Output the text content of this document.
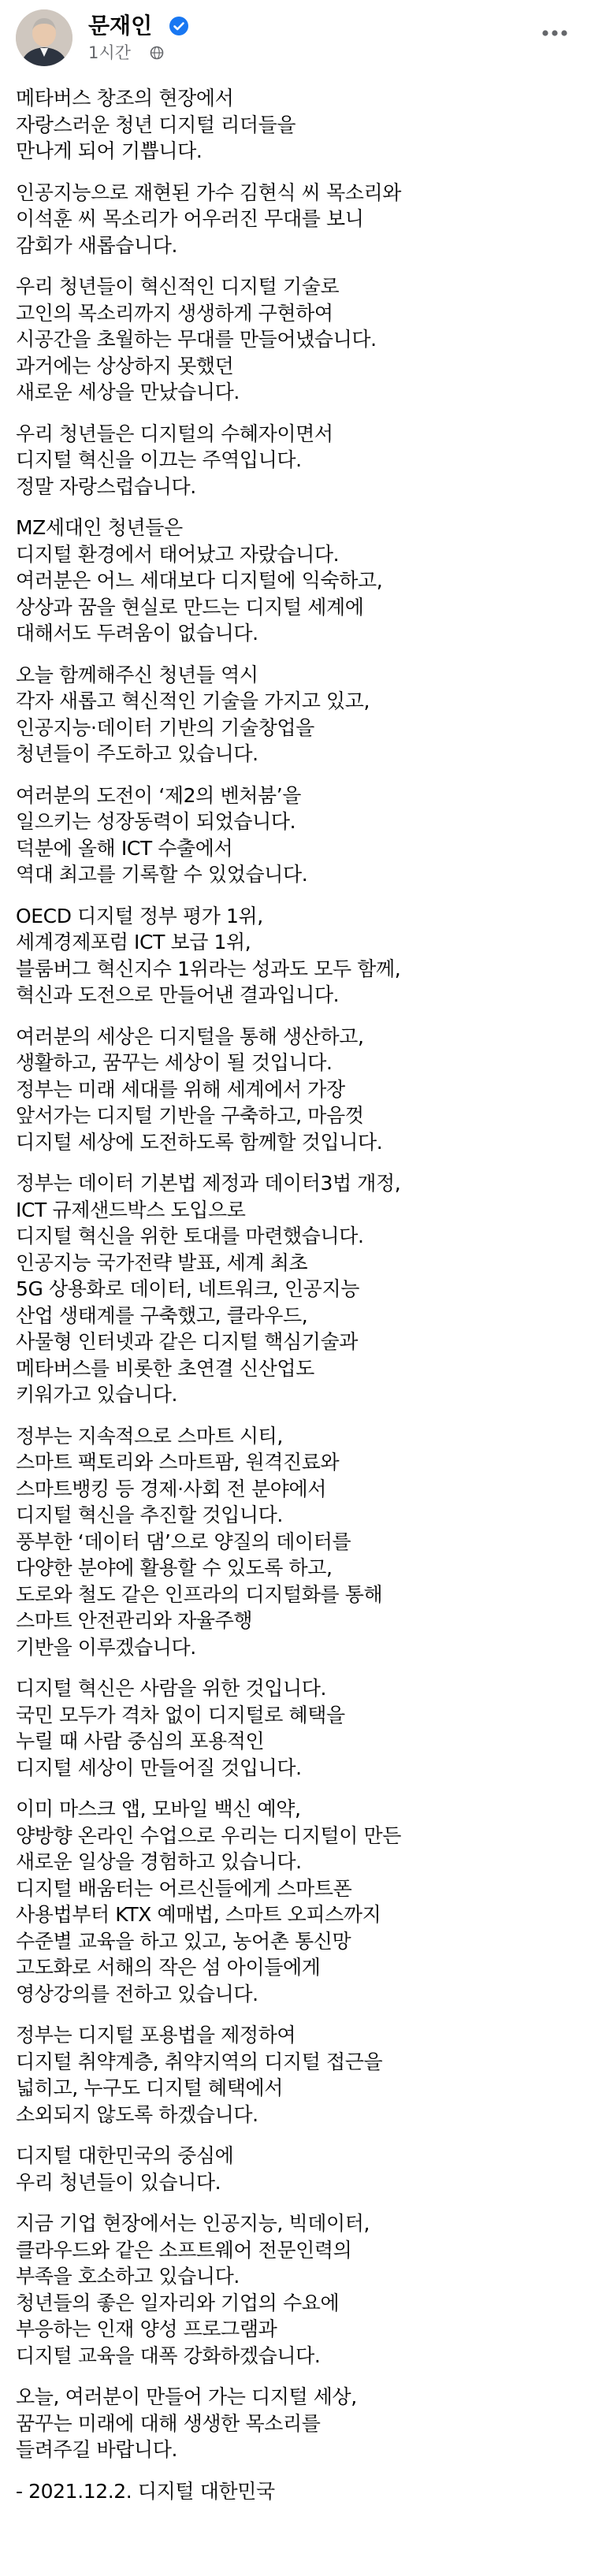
문재인
1시간
메타버스 창조의 현장에서
자랑스러운 청년 디지털 리더들을
만나게 되어 기쁩니다.
인공지능으로 재현된 가수 김현식 씨 목소리와
이석훈 씨 목소리가 어우러진 무대를 보니
감회가 새롭습니다.
우리 청년들이 혁신적인 디지털 기술로
고인의 목소리까지 생생하게 구현하여
시공간을 초월하는 무대를 만들어냈습니다.
과거에는 상상하지 못했던
새로운 세상을 만났습니다.
우리 청년들은 디지털의 수혜자이면서
디지털 혁신을 이끄는 주역입니다.
정말 자랑스럽습니다.
MZ세대인 청년들은
디지털 환경에서 태어났고 자랐습니다.
여러분은 어느 세대보다 디지털에 익숙하고,
상상과 꿈을 현실로 만드는 디지털 세계에
대해서도 두려움이 없습니다.
오늘 함께해주신 청년들 역시
각자 새롭고 혁신적인 기술을 가지고 있고,
인공지능·데이터 기반의 기술창업을
청년들이 주도하고 있습니다.
여러분의 도전이 ‘제2의 벤처붐’을
일으키는 성장동력이 되었습니다.
덕분에 올해 ICT 수출에서
역대 최고를 기록할 수 있었습니다.
OECD 디지털 정부 평가 1위,
세계경제포럼 ICT 보급 1위,
블룸버그 혁신지수 1위라는 성과도 모두 함께,
혁신과 도전으로 만들어낸 결과입니다.
여러분의 세상은 디지털을 통해 생산하고,
생활하고, 꿈꾸는 세상이 될 것입니다.
정부는 미래 세대를 위해 세계에서 가장
앞서가는 디지털 기반을 구축하고, 마음껏
디지털 세상에 도전하도록 함께할 것입니다.
정부는 데이터 기본법 제정과 데이터3법 개정,
ICT 규제샌드박스 도입으로
디지털 혁신을 위한 토대를 마련했습니다.
인공지능 국가전략 발표, 세계 최초
5G 상용화로 데이터, 네트워크, 인공지능
산업 생태계를 구축했고, 클라우드,
사물형 인터넷과 같은 디지털 핵심기술과
메타버스를 비롯한 초연결 신산업도
키워가고 있습니다.
정부는 지속적으로 스마트 시티,
스마트 팩토리와 스마트팜, 원격진료와
스마트뱅킹 등 경제·사회 전 분야에서
디지털 혁신을 추진할 것입니다.
풍부한 ‘데이터 댐’으로 양질의 데이터를
다양한 분야에 활용할 수 있도록 하고,
도로와 철도 같은 인프라의 디지털화를 통해
스마트 안전관리와 자율주행
기반을 이루겠습니다.
디지털 혁신은 사람을 위한 것입니다.
국민 모두가 격차 없이 디지털로 혜택을
누릴 때 사람 중심의 포용적인
디지털 세상이 만들어질 것입니다.
이미 마스크 앱, 모바일 백신 예약,
양방향 온라인 수업으로 우리는 디지털이 만든
새로운 일상을 경험하고 있습니다.
디지털 배움터는 어르신들에게 스마트폰
사용법부터 KTX 예매법, 스마트 오피스까지
수준별 교육을 하고 있고, 농어촌 통신망
고도화로 서해의 작은 섬 아이들에게
영상강의를 전하고 있습니다.
정부는 디지털 포용법을 제정하여
디지털 취약계층, 취약지역의 디지털 접근을
넓히고, 누구도 디지털 혜택에서
소외되지 않도록 하겠습니다.
디지털 대한민국의 중심에
우리 청년들이 있습니다.
지금 기업 현장에서는 인공지능, 빅데이터,
클라우드와 같은 소프트웨어 전문인력의
부족을 호소하고 있습니다.
청년들의 좋은 일자리와 기업의 수요에
부응하는 인재 양성 프로그램과
디지털 교육을 대폭 강화하겠습니다.
오늘, 여러분이 만들어 가는 디지털 세상,
꿈꾸는 미래에 대해 생생한 목소리를
들려주길 바랍니다.
- 2021.12.2. 디지털 대한민국
